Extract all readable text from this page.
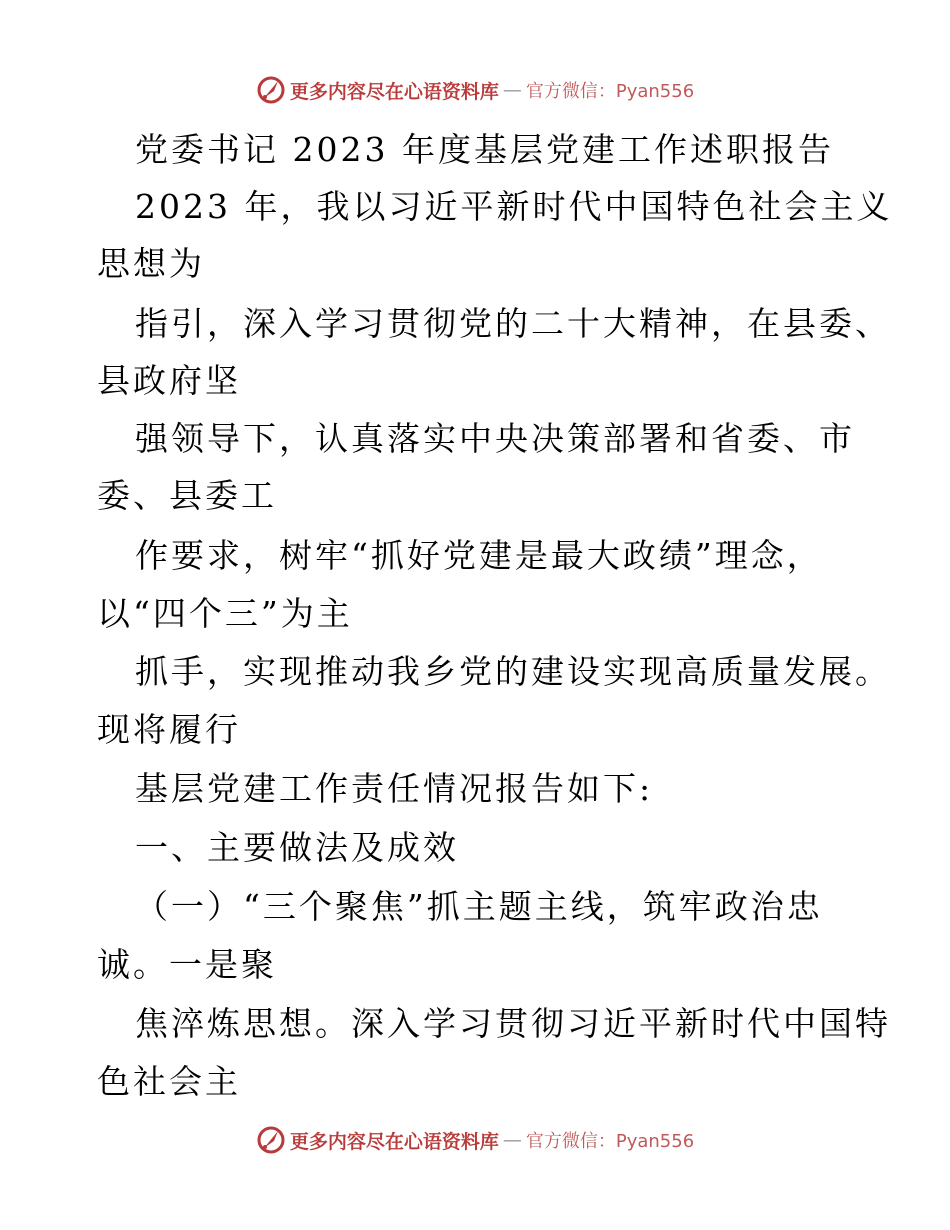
更多内容尽在心语资料库 — 官方微信：Pyan556
党委书记 2023 年度基层党建工作述职报告
2023 年，我以习近平新时代中国特色社会主义
思想为
指引，深入学习贯彻党的二十大精神，在县委、
县政府坚
强领导下，认真落实中央决策部署和省委、市
委、县委工
作要求，树牢“抓好党建是最大政绩”理念，
以“四个三”为主
抓手，实现推动我乡党的建设实现高质量发展。
现将履行
基层党建工作责任情况报告如下:
一、主要做法及成效
（一）“三个聚焦”抓主题主线，筑牢政治忠
诚。一是聚
焦淬炼思想。深入学习贯彻习近平新时代中国特
色社会主
更多内容尽在心语资料库 — 官方微信：Pyan556
